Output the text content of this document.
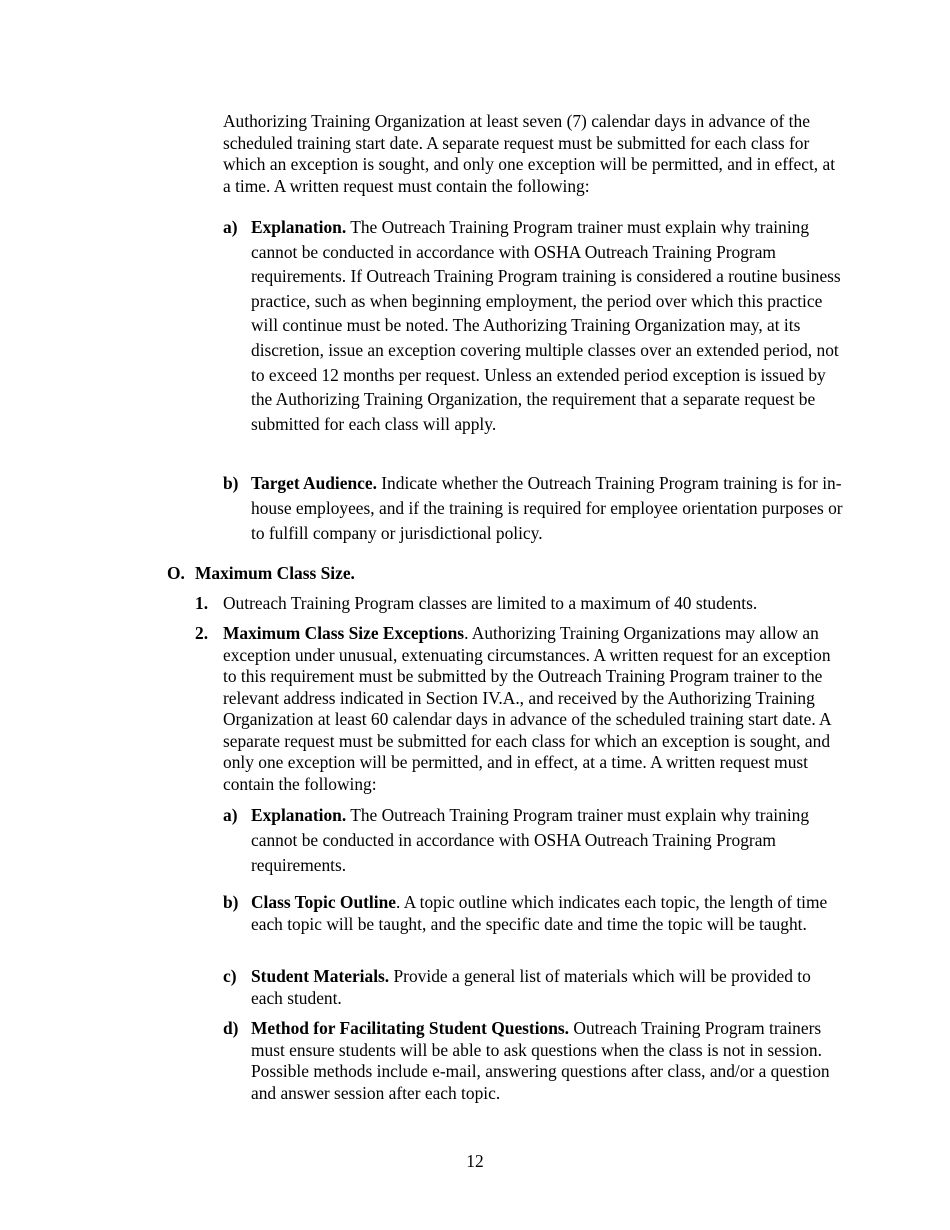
Authorizing Training Organization at least seven (7) calendar days in advance of the scheduled training start date. A separate request must be submitted for each class for which an exception is sought, and only one exception will be permitted, and in effect, at a time. A written request must contain the following:
a) Explanation. The Outreach Training Program trainer must explain why training cannot be conducted in accordance with OSHA Outreach Training Program requirements. If Outreach Training Program training is considered a routine business practice, such as when beginning employment, the period over which this practice will continue must be noted. The Authorizing Training Organization may, at its discretion, issue an exception covering multiple classes over an extended period, not to exceed 12 months per request. Unless an extended period exception is issued by the Authorizing Training Organization, the requirement that a separate request be submitted for each class will apply.
b) Target Audience. Indicate whether the Outreach Training Program training is for in-house employees, and if the training is required for employee orientation purposes or to fulfill company or jurisdictional policy.
O. Maximum Class Size.
1. Outreach Training Program classes are limited to a maximum of 40 students.
2. Maximum Class Size Exceptions. Authorizing Training Organizations may allow an exception under unusual, extenuating circumstances. A written request for an exception to this requirement must be submitted by the Outreach Training Program trainer to the relevant address indicated in Section IV.A., and received by the Authorizing Training Organization at least 60 calendar days in advance of the scheduled training start date. A separate request must be submitted for each class for which an exception is sought, and only one exception will be permitted, and in effect, at a time. A written request must contain the following:
a) Explanation. The Outreach Training Program trainer must explain why training cannot be conducted in accordance with OSHA Outreach Training Program requirements.
b) Class Topic Outline. A topic outline which indicates each topic, the length of time each topic will be taught, and the specific date and time the topic will be taught.
c) Student Materials. Provide a general list of materials which will be provided to each student.
d) Method for Facilitating Student Questions. Outreach Training Program trainers must ensure students will be able to ask questions when the class is not in session. Possible methods include e-mail, answering questions after class, and/or a question and answer session after each topic.
12
